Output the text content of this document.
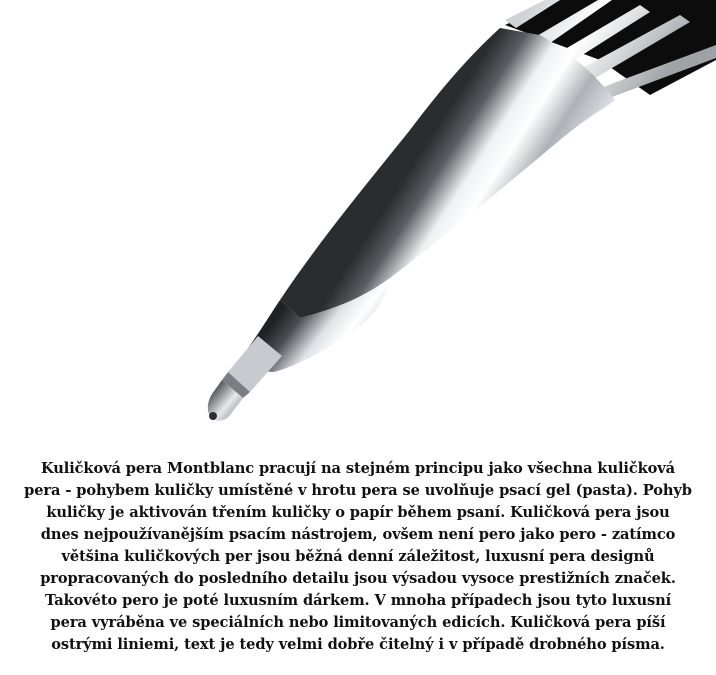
Kuličková pera Montblanc pracují na stejném principu jako všechna kuličková
pera - pohybem kuličky umístěné v hrotu pera se uvolňuje psací gel (pasta). Pohyb
kuličky je aktivován třením kuličky o papír během psaní. Kuličková pera jsou
dnes nejpoužívanějším psacím nástrojem, ovšem není pero jako pero - zatímco
většina kuličkových per jsou běžná denní záležitost, luxusní pera designů
propracovaných do posledního detailu jsou výsadou vysoce prestižních značek.
Takovéto pero je poté luxusním dárkem. V mnoha případech jsou tyto luxusní
pera vyráběna ve speciálních nebo limitovaných edicích. Kuličková pera píší
ostrými liniemi, text je tedy velmi dobře čitelný i v případě drobného písma.
